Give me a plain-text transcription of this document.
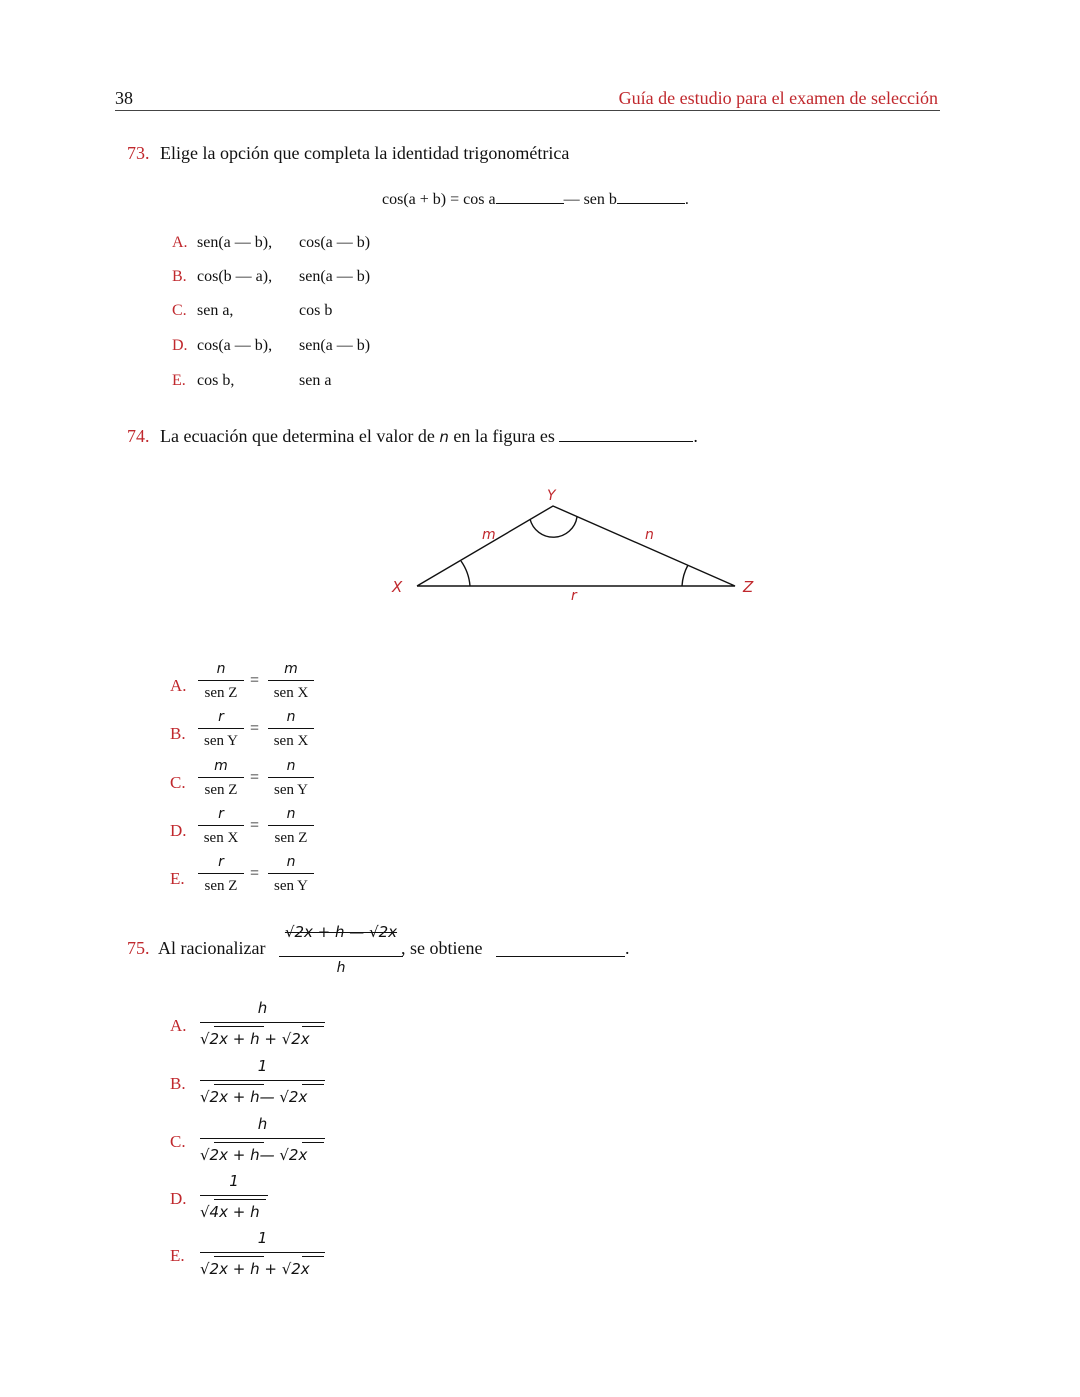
38	Guía de estudio para el examen de selección
73. Elige la opción que completa la identidad trigonométrica
cos(a + b) = cos a	— sen b	.
A. sen(a — b), cos(a — b)
B. cos(b — a), sen(a — b)
C. sen a,	cos b
D. cos(a — b), sen(a — b)
E. cos b,	sen a
74. La ecuación que determina el valor de n en la figura es	.
X
Y
Z
m	n
r
A.
n
sen Z
=
m
sen X
B.
r
sen Y
=
n
sen X
C.
m
sen Z
=
n
sen Y
D.
r
sen X
=
n
sen Z
E.
r
sen Z
=
n
sen Y
75. Al racionalizar
√2x + h — √2x
h
, se obtiene	.
A.
h
√2x + h + √2x
B.
1
√2x + h— √2x
C.
h
√2x + h— √2x
D.
1
√4x + h
E.
1
√2x + h + √2x
